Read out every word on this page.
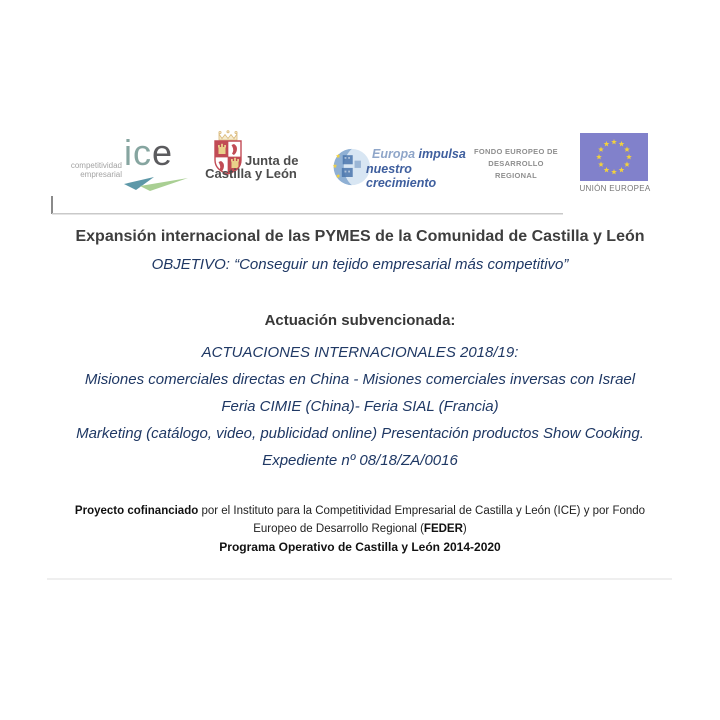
competitividad
empresarial
ice	Junta de
Castilla y León
Europa impulsa
nuestro crecimiento
FONDO EUROPEO DE
DESARROLLO
REGIONAL
UNIÓN EUROPEA
Expansión internacional de las PYMES de la Comunidad de Castilla y León
OBJETIVO: “Conseguir un tejido empresarial más competitivo”
Actuación subvencionada:
ACTUACIONES INTERNACIONALES 2018/19:
Misiones comerciales directas en China - Misiones comerciales inversas con Israel
Feria CIMIE (China)- Feria SIAL (Francia)
Marketing (catálogo, video, publicidad online) Presentación productos Show Cooking.
Expediente nº 08/18/ZA/0016
Proyecto cofinanciado por el Instituto para la Competitividad Empresarial de Castilla y León (ICE) y por Fondo Europeo de Desarrollo Regional (FEDER)
Programa Operativo de Castilla y León 2014-2020
